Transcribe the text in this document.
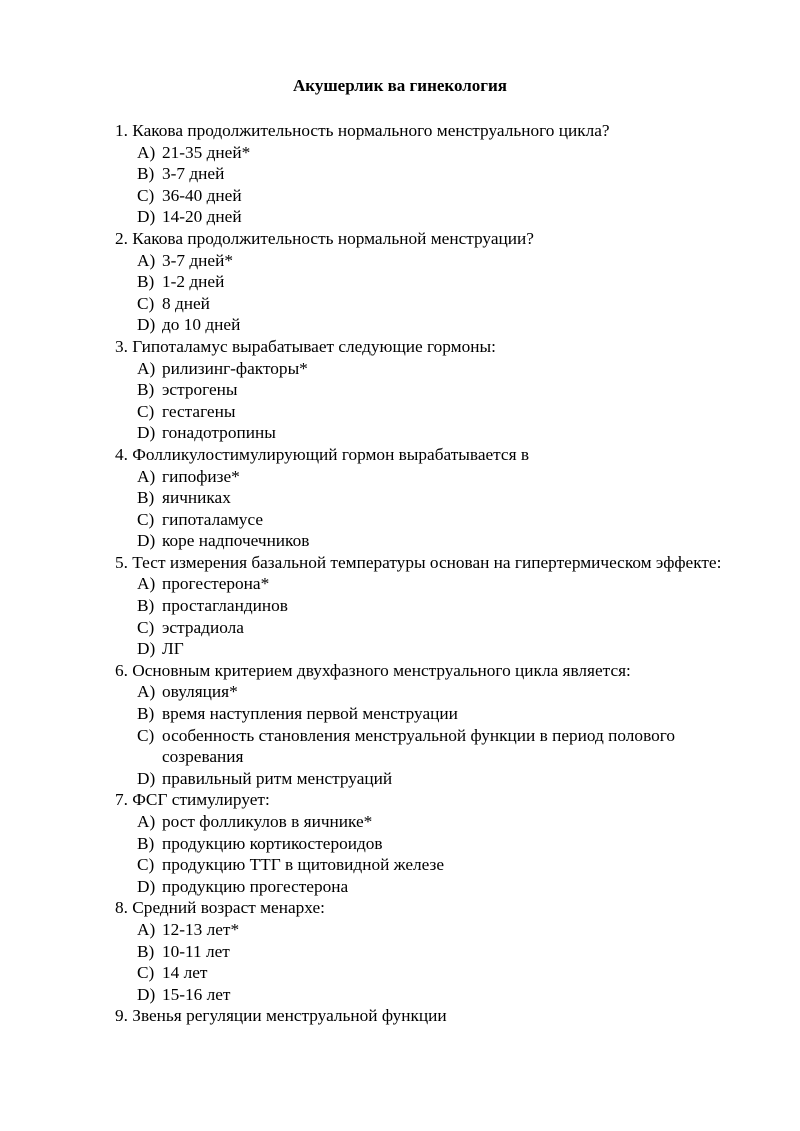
Акушерлик ва гинекология
1. Какова продолжительность нормального менструального цикла?
A) 21-35 дней*
B) 3-7 дней
C) 36-40 дней
D) 14-20 дней
2. Какова продолжительность нормальной менструации?
A) 3-7 дней*
B) 1-2 дней
C) 8 дней
D) до 10 дней
3. Гипоталамус вырабатывает следующие гормоны:
A) рилизинг-факторы*
B) эстрогены
C) гестагены
D) гонадотропины
4. Фолликулостимулирующий гормон вырабатывается в
A) гипофизе*
B) яичниках
C) гипоталамусе
D) коре надпочечников
5. Тест измерения базальной температуры основан на гипертермическом эффекте:
A) прогестерона*
B) простагландинов
C) эстрадиола
D) ЛГ
6. Основным критерием двухфазного менструального цикла является:
A) овуляция*
B) время наступления первой менструации
C) особенность становления менструальной функции в период полового созревания
D) правильный ритм менструаций
7. ФСГ стимулирует:
A) рост фолликулов в яичнике*
B) продукцию кортикостероидов
C) продукцию ТТГ в щитовидной железе
D) продукцию прогестерона
8. Средний возраст менархе:
A) 12-13 лет*
B) 10-11 лет
C) 14 лет
D) 15-16 лет
9. Звенья регуляции менструальной функции
